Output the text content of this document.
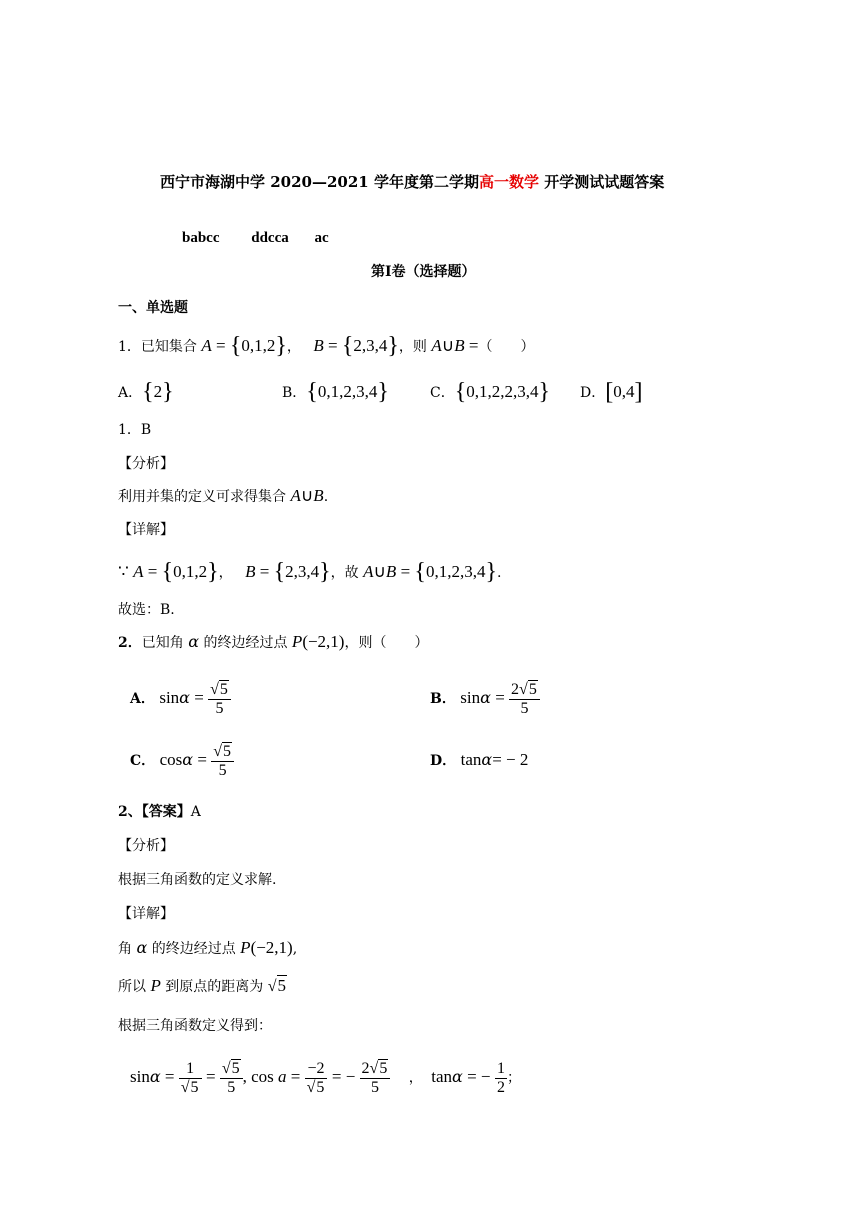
西宁市海湖中学 2020—2021 学年度第二学期高一数学 开学测试试题答案
babcc ddcca ac
第Ⅰ卷（选择题）
一、单选题
1．已知集合 A = {0,1,2}， B = {2,3,4}，则 A∪B =（　　）
A．{2}	B．{0,1,2,3,4}	C．{0,1,2,2,3,4} D．[0,4]
1．B
【分析】
利用并集的定义可求得集合 A∪B.
【详解】
∵ A = {0,1,2}， B = {2,3,4}，故 A∪B = {0,1,2,3,4}.
故选：B.
2．已知角 α 的终边经过点 P(−2,1)，则（　　）
A． $\sin\alpha = \frac{√5}{5}$	B． $\sin\alpha = \frac{2√5}{5}$
C． $\cos\alpha = \frac{√5}{5}$	D． tanα= − 2
2、【答案】A
【分析】
根据三角函数的定义求解.
【详解】
角 α 的终边经过点 P(−2,1),
所以 P 到原点的距离为 √5
根据三角函数定义得到：
$\sin\alpha = \frac{1}{√5} = \frac{√5}{5}$ , $\cos a = \frac{-2}{√5}$ = − $\frac{2√5}{5}$ ， tanα = − $\frac{1}{2}$ ；
